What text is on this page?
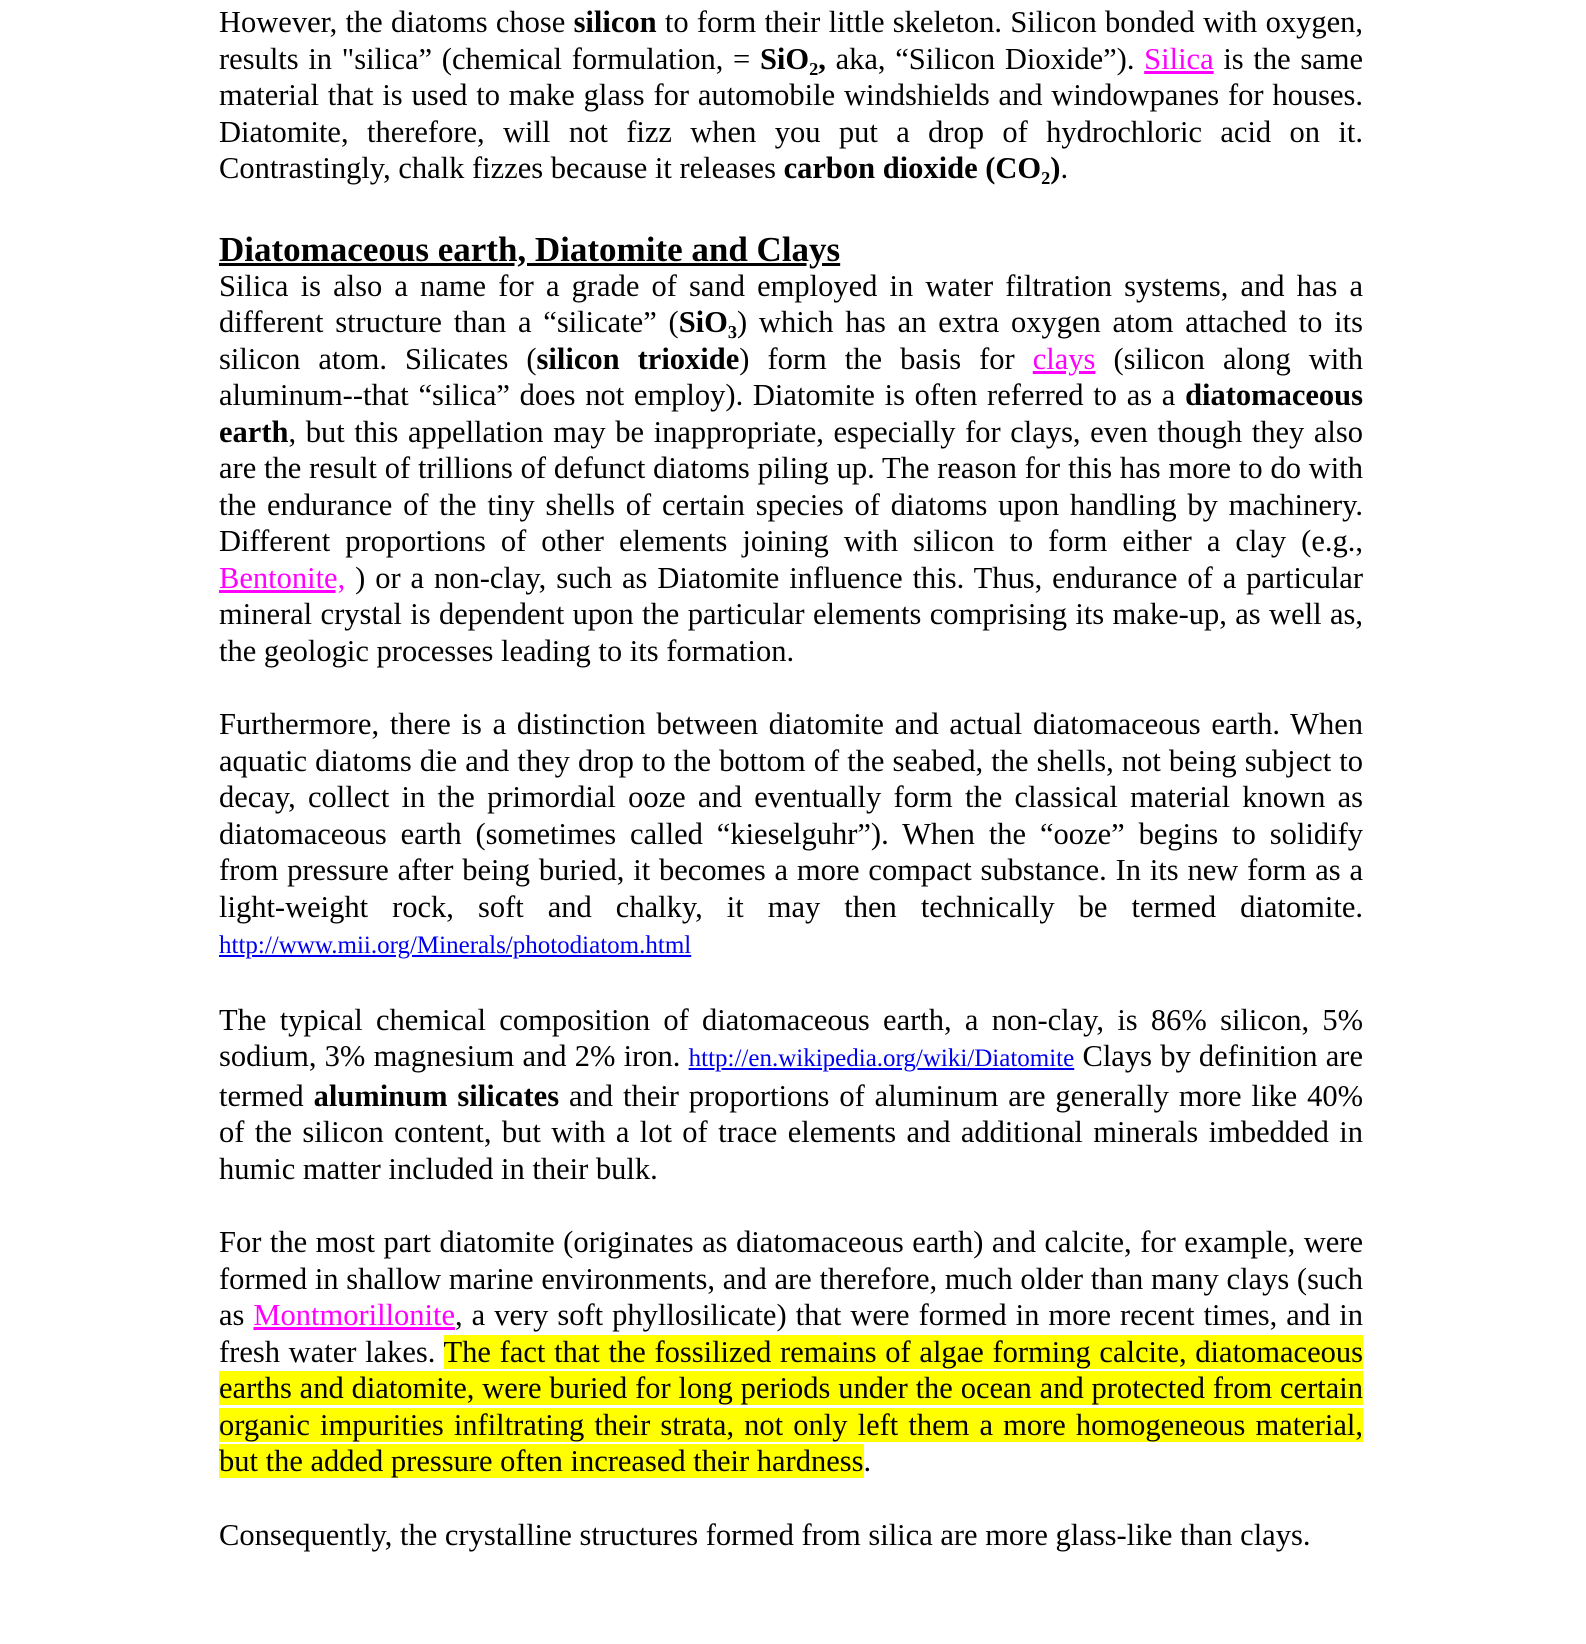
However, the diatoms chose silicon to form their little skeleton. Silicon bonded with oxygen, results in "silica” (chemical formulation, = SiO₂, aka, “Silicon Dioxide”). Silica is the same material that is used to make glass for automobile windshields and windowpanes for houses. Diatomite, therefore, will not fizz when you put a drop of hydrochloric acid on it. Contrastingly, chalk fizzes because it releases carbon dioxide (CO₂).

Diatomaceous earth, Diatomite and Clays

Silica is also a name for a grade of sand employed in water filtration systems, and has a different structure than a “silicate” (SiO₃) which has an extra oxygen atom attached to its silicon atom. Silicates (silicon trioxide) form the basis for clays (silicon along with aluminum--that “silica” does not employ). Diatomite is often referred to as a diatomaceous earth, but this appellation may be inappropriate, especially for clays, even though they also are the result of trillions of defunct diatoms piling up. The reason for this has more to do with the endurance of the tiny shells of certain species of diatoms upon handling by machinery. Different proportions of other elements joining with silicon to form either a clay (e.g., Bentonite, ) or a non-clay, such as Diatomite influence this. Thus, endurance of a particular mineral crystal is dependent upon the particular elements comprising its make-up, as well as, the geologic processes leading to its formation.

Furthermore, there is a distinction between diatomite and actual diatomaceous earth. When aquatic diatoms die and they drop to the bottom of the seabed, the shells, not being subject to decay, collect in the primordial ooze and eventually form the classical material known as diatomaceous earth (sometimes called “kieselguhr”). When the “ooze” begins to solidify from pressure after being buried, it becomes a more compact substance. In its new form as a light-weight rock, soft and chalky, it may then technically be termed diatomite. http://www.mii.org/Minerals/photodiatom.html

The typical chemical composition of diatomaceous earth, a non-clay, is 86% silicon, 5% sodium, 3% magnesium and 2% iron. http://en.wikipedia.org/wiki/Diatomite Clays by definition are termed aluminum silicates and their proportions of aluminum are generally more like 40% of the silicon content, but with a lot of trace elements and additional minerals imbedded in humic matter included in their bulk.

For the most part diatomite (originates as diatomaceous earth) and calcite, for example, were formed in shallow marine environments, and are therefore, much older than many clays (such as Montmorillonite, a very soft phyllosilicate) that were formed in more recent times, and in fresh water lakes. The fact that the fossilized remains of algae forming calcite, diatomaceous earths and diatomite, were buried for long periods under the ocean and protected from certain organic impurities infiltrating their strata, not only left them a more homogeneous material, but the added pressure often increased their hardness.

Consequently, the crystalline structures formed from silica are more glass-like than clays.
